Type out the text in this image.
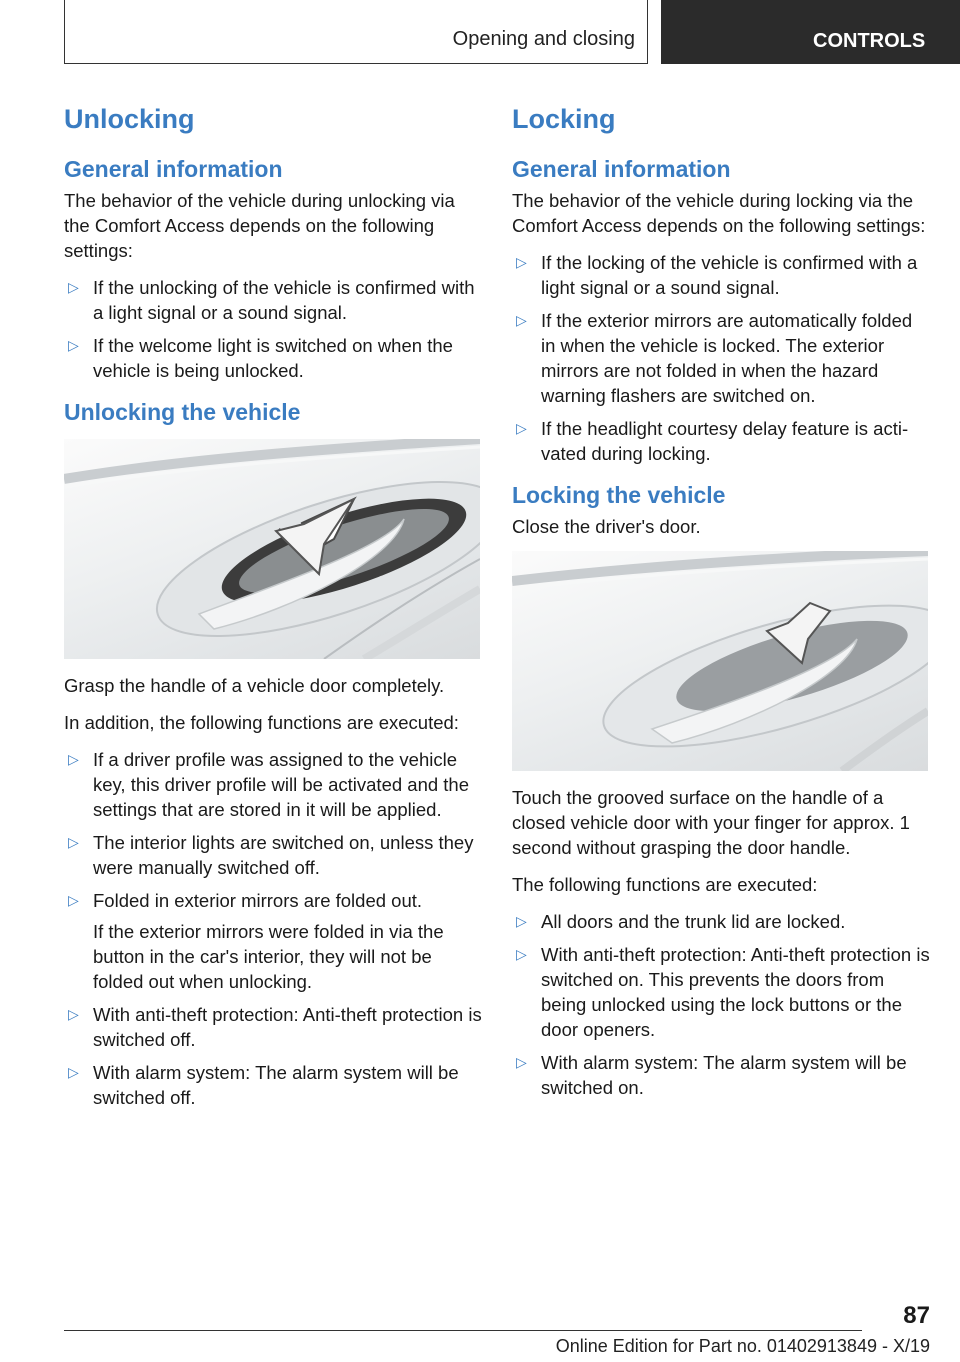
Opening and closing	CONTROLS
Unlocking
General information

The behavior of the vehicle during unlocking via the Comfort Access depends on the following settings:

▷ If the unlocking of the vehicle is confirmed with a light signal or a sound signal.
▷ If the welcome light is switched on when the vehicle is being unlocked.
Unlocking the vehicle

Grasp the handle of a vehicle door completely.

In addition, the following functions are executed:

▷ If a driver profile was assigned to the vehicle key, this driver profile will be activated and the settings that are stored in it will be applied.
▷ The interior lights are switched on, unless they were manually switched off.
▷ Folded in exterior mirrors are folded out.
If the exterior mirrors were folded in via the button in the car's interior, they will not be folded out when unlocking.
▷ With anti-theft protection: Anti-theft protection is switched off.
▷ With alarm system: The alarm system will be switched off.
Locking
General information

The behavior of the vehicle during locking via the Comfort Access depends on the following settings:

▷ If the locking of the vehicle is confirmed with a light signal or a sound signal.
▷ If the exterior mirrors are automatically folded in when the vehicle is locked. The exterior mirrors are not folded in when the hazard warning flashers are switched on.
▷ If the headlight courtesy delay feature is activated during locking.
Locking the vehicle

Close the driver's door.

Touch the grooved surface on the handle of a closed vehicle door with your finger for approx. 1 second without grasping the door handle.

The following functions are executed:

▷ All doors and the trunk lid are locked.
▷ With anti-theft protection: Anti-theft protection is switched on. This prevents the doors from being unlocked using the lock buttons or the door openers.
▷ With alarm system: The alarm system will be switched on.
87
Online Edition for Part no. 01402913849 - X/19
